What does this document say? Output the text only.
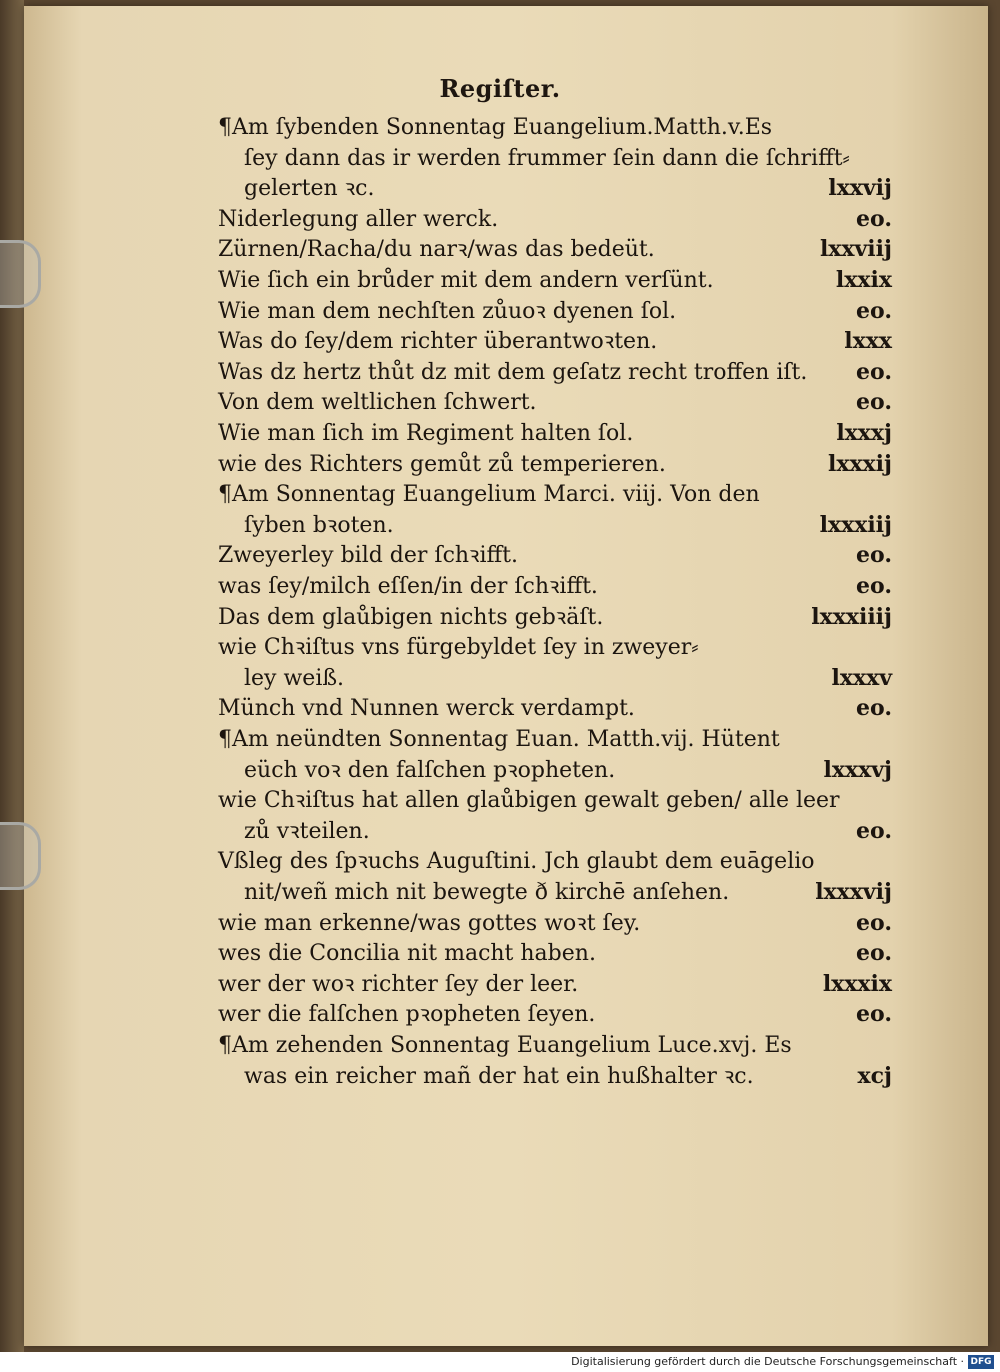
Regiſter.
¶Am ſybenden Sonnentag Euangelium.Matth.v.Es
ſey dann das ir werden frummer ſein dann die ſchrifft⸗
gelerten ꝛc.	lxxvij
Niderlegung aller werck.	eo.
Zürnen/Racha/du narꝛ/was das bedeüt.	lxxviij
Wie ſich ein brůder mit dem andern verſünt.	lxxix
Wie man dem nechſten zůuoꝛ dyenen ſol.	eo.
Was do ſey/dem richter überantwoꝛten.	lxxx
Was dz hertz thůt dz mit dem geſatz recht troffen iſt. eo.
Von dem weltlichen ſchwert.	eo.
Wie man ſich im Regiment halten ſol.	lxxxj
wie des Richters gemůt zů temperieren.	lxxxij
¶Am Sonnentag Euangelium Marci. viij. Von den
ſyben bꝛoten.	lxxxiij
Zweyerley bild der ſchꝛifft.	eo.
was ſey/milch eſſen/in der ſchꝛifft.	eo.
Das dem glaůbigen nichts gebꝛäſt.	lxxxiiij
wie Chꝛiſtus vns fürgebyldet ſey in zweyer⸗
ley weiß.	lxxxv
Münch vnd Nunnen werck verdampt.	eo.
¶Am neündten Sonnentag Euan. Matth.vij. Hütent
eüch voꝛ den falſchen pꝛopheten.	lxxxvj
wie Chꝛiſtus hat allen glaůbigen gewalt geben/ alle leer
zů vꝛteilen.	eo.
Vßleg des ſpꝛuchs Auguſtini. Jch glaubt dem euāgelio
nit/weñ mich nit bewegte ð kirchē anſehen.	lxxxvij
wie man erkenne/was gottes woꝛt ſey.	eo.
wes die Concilia nit macht haben.	eo.
wer der woꝛ richter ſey der leer.	lxxxix
wer die falſchen pꝛopheten ſeyen.	eo.
¶Am zehenden Sonnentag Euangelium Luce.xvj. Es
was ein reicher mañ der hat ein hußhalter ꝛc.	xcj
Digitalisierung gefördert durch die Deutsche Forschungsgemeinschaft · DFG
